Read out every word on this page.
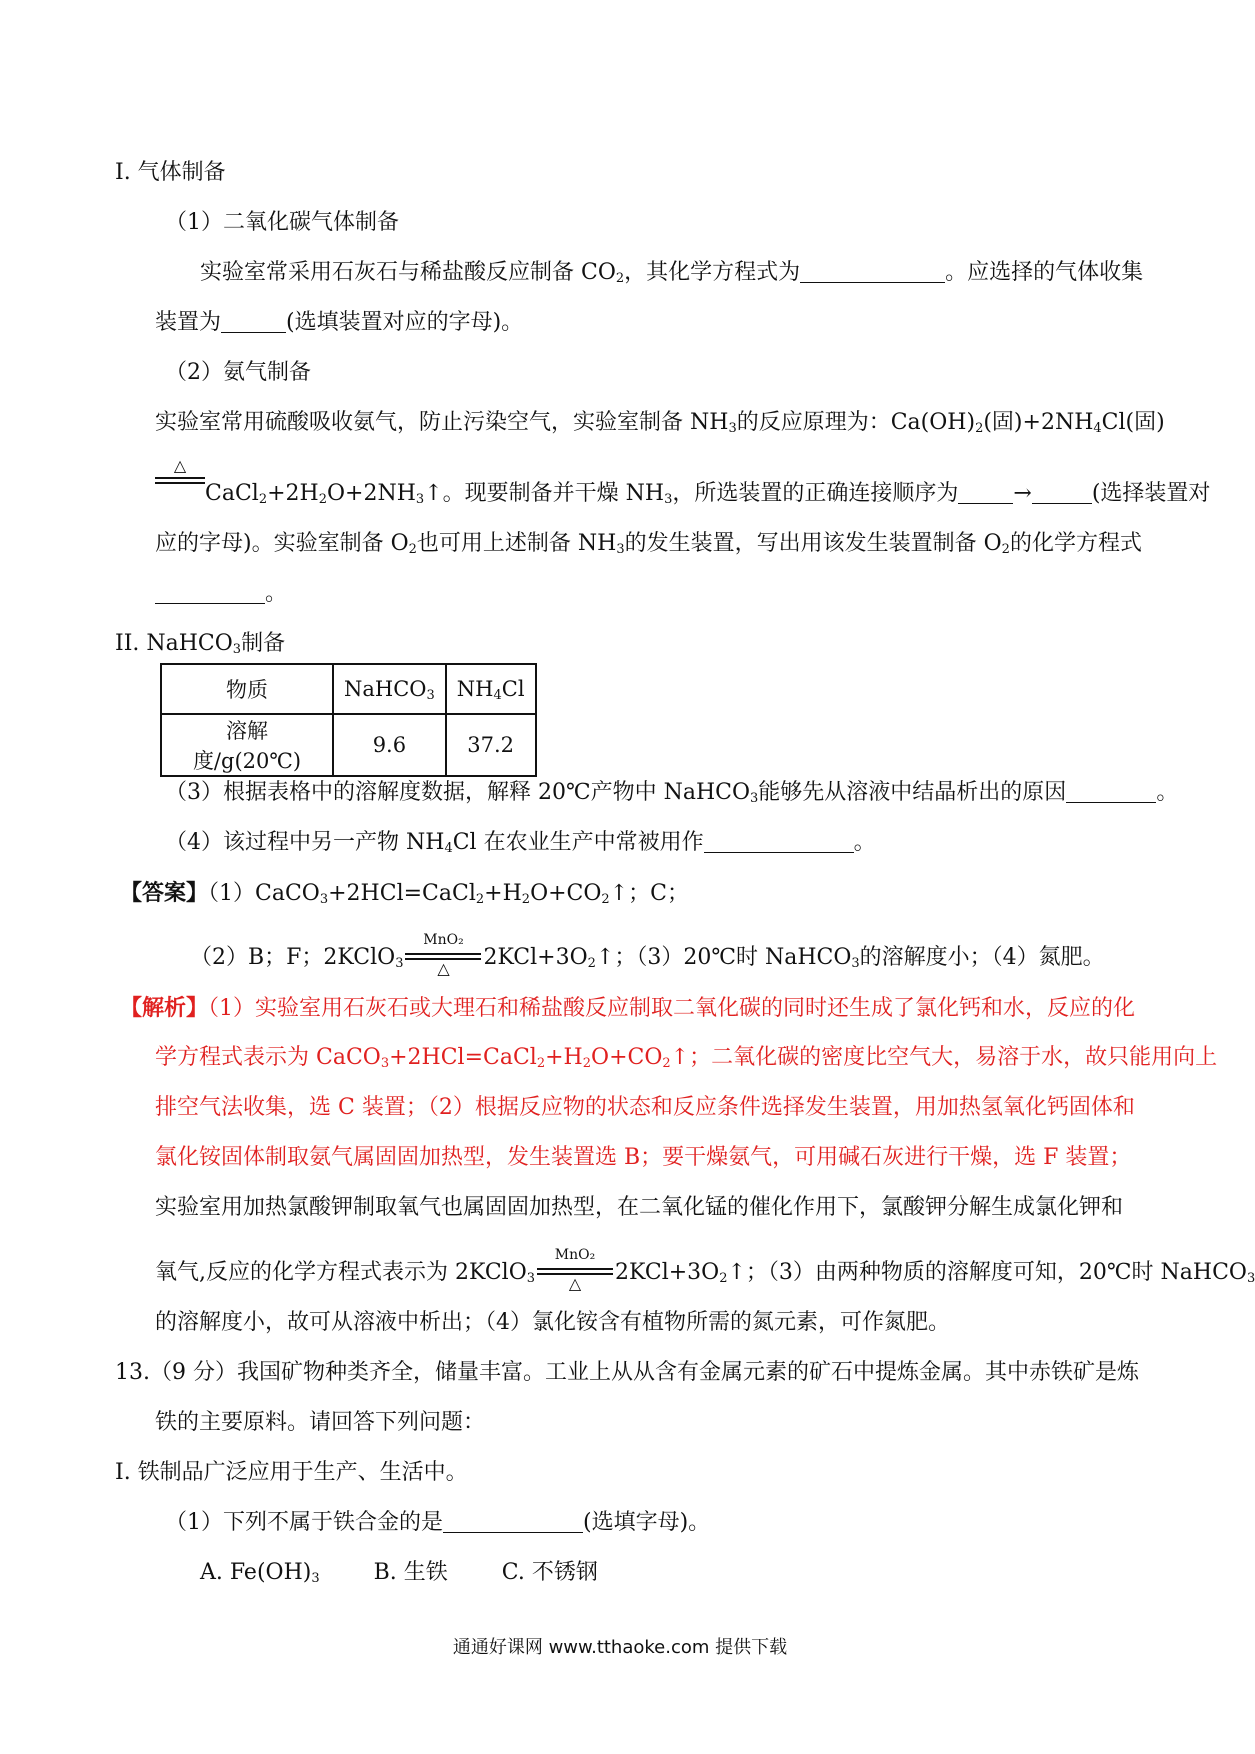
I. 气体制备
（1）二氧化碳气体制备
实验室常采用石灰石与稀盐酸反应制备 $CO_2$，其化学方程式为	。应选择的气体收集
装置为	(选填装置对应的字母)。
（2）氨气制备
实验室常用硫酸吸收氨气，防止污染空气，实验室制备 $NH_3$的反应原理为：$Ca(OH)_2$(固)$+2NH_4Cl$(固)
△
$CaCl_2+2H_2O+2NH_3↑$。现要制备并干燥 $NH_3$，所选装置的正确连接顺序为	→	(选择装置对
应的字母)。实验室制备 $O_2$也可用上述制备 $NH_3$的发生装置，写出用该发生装置制备 $O_2$的化学方程式
。
II. NaHCO$_3$制备
物质	NaHCO$_3$	$NH_4Cl$
溶解度/g(20℃)	9.6	37.2
（3）根据表格中的溶解度数据，解释 20℃产物中 NaHCO$_3$能够先从溶液中结晶析出的原因	。
（4）该过程中另一产物 $NH_4Cl$ 在农业生产中常被用作	。
【答案】$(1)CaCO_3+2HCl=CaCl_2+H_2O+CO_2↑$；C；
（2）B；F；2KClO$_3$
MnO₂
△	$2KCl+3O_2↑$；（3）20℃时 NaHCO$_3$的溶解度小；（4）氮肥。
【解析】（1）实验室用石灰石或大理石和稀盐酸反应制取二氧化碳的同时还生成了氯化钙和水，反应的化
学方程式表示为 $CaCO_3+2HCl=CaCl_2+H_2O+CO_2↑$；二氧化碳的密度比空气大，易溶于水，故只能用向上
排空气法收集，选 C 装置；（2）根据反应物的状态和反应条件选择发生装置，用加热氢氧化钙固体和
氯化铵固体制取氨气属固固加热型，发生装置选 B；要干燥氨气，可用碱石灰进行干燥，选 F 装置；
实验室用加热氯酸钾制取氧气也属固固加热型，在二氧化锰的催化作用下，氯酸钾分解生成氯化钾和
氧气,反应的化学方程式表示为 2KClO$_3$
MnO₂
△	$2KCl+3O_2↑$；（3）由两种物质的溶解度可知，20℃时 NaHCO$_3$
的溶解度小，故可从溶液中析出；（4）氯化铵含有植物所需的氮元素，可作氮肥。
13.（9 分）我国矿物种类齐全，储量丰富。工业上从从含有金属元素的矿石中提炼金属。其中赤铁矿是炼
铁的主要原料。请回答下列问题：
I. 铁制品广泛应用于生产、生活中。
（1）下列不属于铁合金的是	(选填字母)。
A. $Fe(OH)_3$ B. 生铁 C. 不锈钢
通通好课网 www.tthaoke.com 提供下载
